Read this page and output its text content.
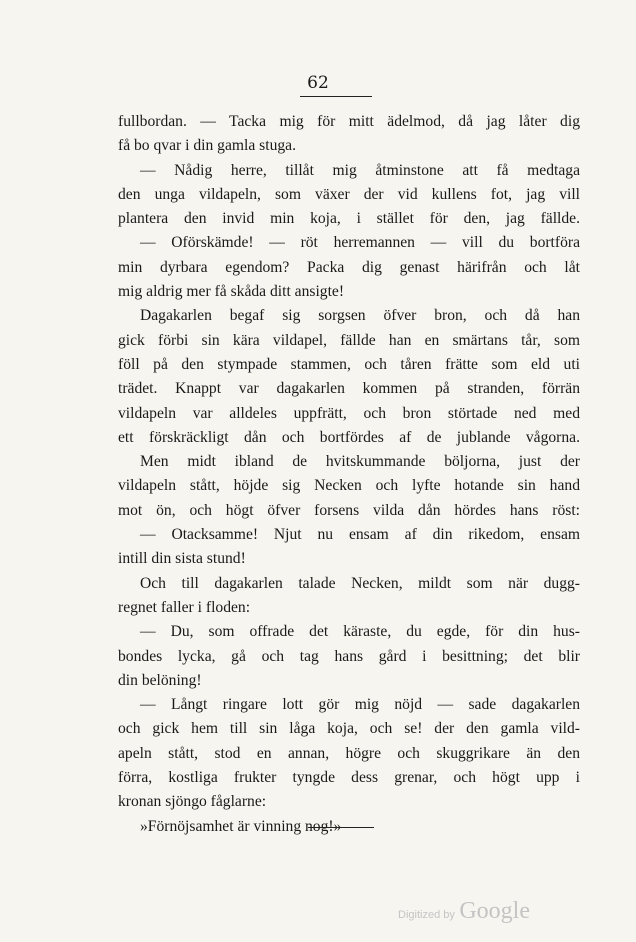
62
fullbordan. — Tacka mig för mitt ädelmod, då jag låter dig
få bo qvar i din gamla stuga.
— Nådig herre, tillåt mig åtminstone att få medtaga
den unga vildapeln, som växer der vid kullens fot, jag vill
plantera den invid min koja, i stället för den, jag fällde.
— Oförskämde! — röt herremannen — vill du bortföra
min dyrbara egendom? Packa dig genast härifrån och låt
mig aldrig mer få skåda ditt ansigte!
Dagakarlen begaf sig sorgsen öfver bron, och då han
gick förbi sin kära vildapel, fällde han en smärtans tår, som
föll på den stympade stammen, och tåren frätte som eld uti
trädet. Knappt var dagakarlen kommen på stranden, förrän
vildapeln var alldeles uppfrätt, och bron störtade ned med
ett förskräckligt dån och bortfördes af de jublande vågorna.
Men midt ibland de hvitskummande böljorna, just der
vildapeln stått, höjde sig Necken och lyfte hotande sin hand
mot ön, och högt öfver forsens vilda dån hördes hans röst:
— Otacksamme! Njut nu ensam af din rikedom, ensam
intill din sista stund!
Och till dagakarlen talade Necken, mildt som när dugg-
regnet faller i floden:
— Du, som offrade det käraste, du egde, för din hus-
bondes lycka, gå och tag hans gård i besittning; det blir
din belöning!
— Långt ringare lott gör mig nöjd — sade dagakarlen
och gick hem till sin låga koja, och se! der den gamla vild-
apeln stått, stod en annan, högre och skuggrikare än den
förra, kostliga frukter tyngde dess grenar, och högt upp i
kronan sjöngo fåglarne:
»Förnöjsamhet är vinning nog!»
Digitized by Google
